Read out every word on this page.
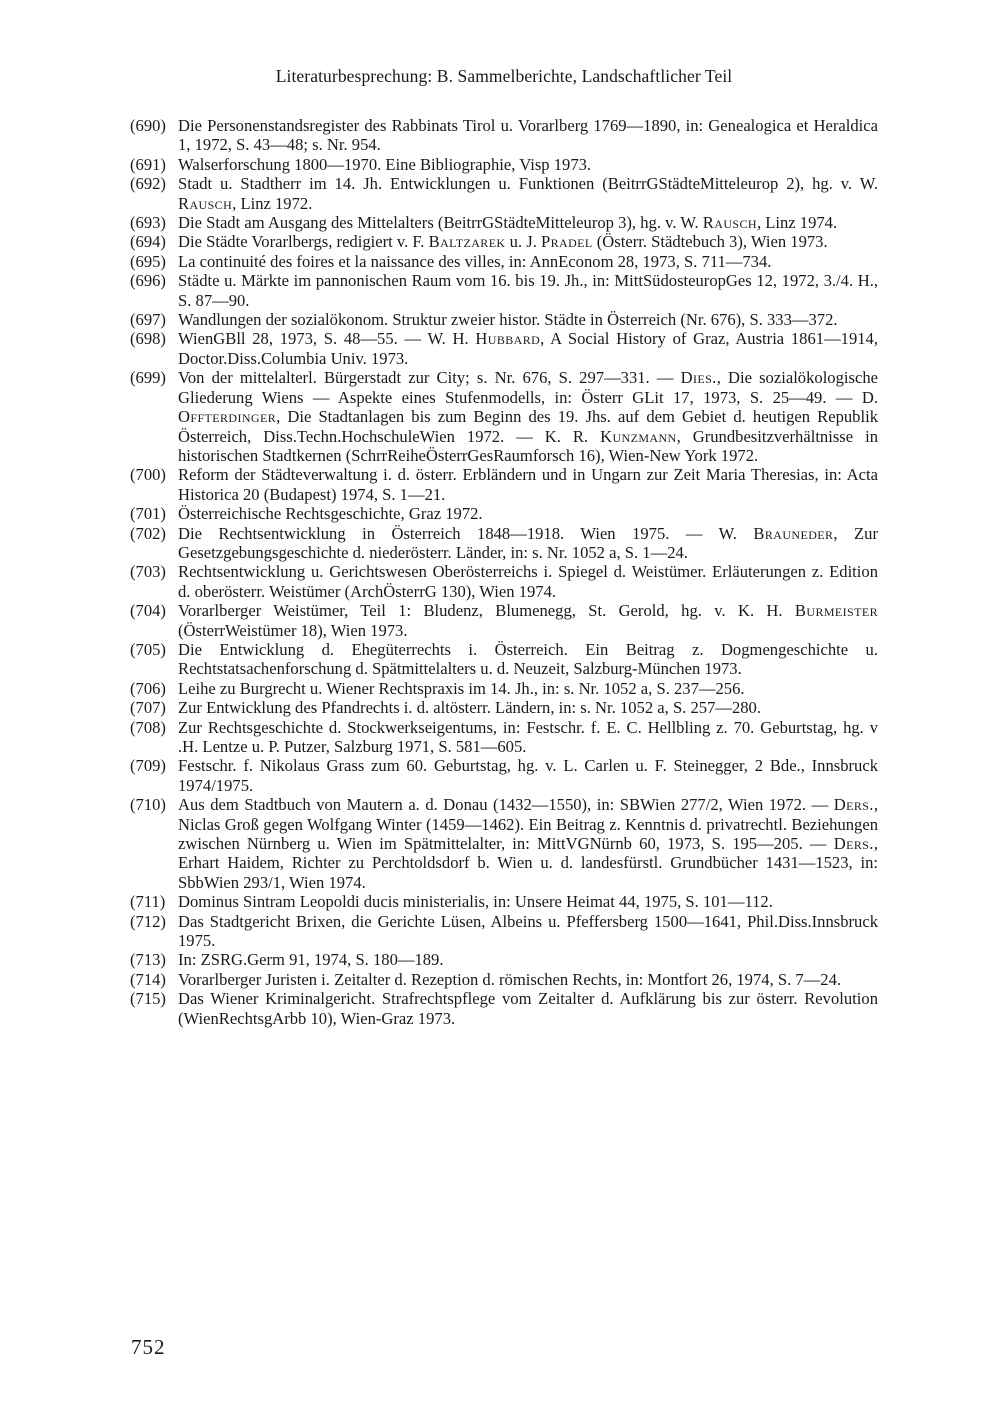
Literaturbesprechung: B. Sammelberichte, Landschaftlicher Teil
(690) Die Personenstandsregister des Rabbinats Tirol u. Vorarlberg 1769—1890, in: Genealogica et Heraldica 1, 1972, S. 43—48; s. Nr. 954.
(691) Walserforschung 1800—1970. Eine Bibliographie, Visp 1973.
(692) Stadt u. Stadtherr im 14. Jh. Entwicklungen u. Funktionen (BeitrrGStädteMitteleurop 2), hg. v. W. Rausch, Linz 1972.
(693) Die Stadt am Ausgang des Mittelalters (BeitrrGStädteMitteleurop 3), hg. v. W. Rausch, Linz 1974.
(694) Die Städte Vorarlbergs, redigiert v. F. Baltzarek u. J. Pradel (Österr. Städtebuch 3), Wien 1973.
(695) La continuité des foires et la naissance des villes, in: AnnEconom 28, 1973, S. 711—734.
(696) Städte u. Märkte im pannonischen Raum vom 16. bis 19. Jh., in: MittSüdosteuropGes 12, 1972, 3./4. H., S. 87—90.
(697) Wandlungen der sozialökonom. Struktur zweier histor. Städte in Österreich (Nr. 676), S. 333—372.
(698) WienGBll 28, 1973, S. 48—55. — W. H. Hubbard, A Social History of Graz, Austria 1861—1914, Doctor.Diss.Columbia Univ. 1973.
(699) Von der mittelalterl. Bürgerstadt zur City; s. Nr. 676, S. 297—331. — Dies., Die sozialökologische Gliederung Wiens — Aspekte eines Stufenmodells, in: Österr GLit 17, 1973, S. 25—49. — D. Offterdinger, Die Stadtanlagen bis zum Beginn des 19. Jhs. auf dem Gebiet d. heutigen Republik Österreich, Diss.Techn.HochschuleWien 1972. — K. R. Kunzmann, Grundbesitzverhältnisse in historischen Stadtkernen (SchrrReiheÖsterrGesRaumforsch 16), Wien-New York 1972.
(700) Reform der Städteverwaltung i. d. österr. Erbländern und in Ungarn zur Zeit Maria Theresias, in: Acta Historica 20 (Budapest) 1974, S. 1—21.
(701) Österreichische Rechtsgeschichte, Graz 1972.
(702) Die Rechtsentwicklung in Österreich 1848—1918. Wien 1975. — W. Brauneder, Zur Gesetzgebungsgeschichte d. niederösterr. Länder, in: s. Nr. 1052 a, S. 1—24.
(703) Rechtsentwicklung u. Gerichtswesen Oberösterreichs i. Spiegel d. Weistümer. Erläuterungen z. Edition d. oberösterr. Weistümer (ArchÖsterrG 130), Wien 1974.
(704) Vorarlberger Weistümer, Teil 1: Bludenz, Blumenegg, St. Gerold, hg. v. K. H. Burmeister (ÖsterrWeistümer 18), Wien 1973.
(705) Die Entwicklung d. Ehegüterrechts i. Österreich. Ein Beitrag z. Dogmengeschichte u. Rechtstatsachenforschung d. Spätmittelalters u. d. Neuzeit, Salzburg-München 1973.
(706) Leihe zu Burgrecht u. Wiener Rechtspraxis im 14. Jh., in: s. Nr. 1052 a, S. 237—256.
(707) Zur Entwicklung des Pfandrechts i. d. altösterr. Ländern, in: s. Nr. 1052 a, S. 257—280.
(708) Zur Rechtsgeschichte d. Stockwerkseigentums, in: Festschr. f. E. C. Hellbling z. 70. Geburtstag, hg. v .H. Lentze u. P. Putzer, Salzburg 1971, S. 581—605.
(709) Festschr. f. Nikolaus Grass zum 60. Geburtstag, hg. v. L. Carlen u. F. Steinegger, 2 Bde., Innsbruck 1974/1975.
(710) Aus dem Stadtbuch von Mautern a. d. Donau (1432—1550), in: SBWien 277/2, Wien 1972. — Ders., Niclas Groß gegen Wolfgang Winter (1459—1462). Ein Beitrag z. Kenntnis d. privatrechtl. Beziehungen zwischen Nürnberg u. Wien im Spätmittelalter, in: MittVGNürnb 60, 1973, S. 195—205. — Ders., Erhart Haidem, Richter zu Perchtoldsdorf b. Wien u. d. landesfürstl. Grundbücher 1431—1523, in: SbbWien 293/1, Wien 1974.
(711) Dominus Sintram Leopoldi ducis ministerialis, in: Unsere Heimat 44, 1975, S. 101—112.
(712) Das Stadtgericht Brixen, die Gerichte Lüsen, Albeins u. Pfeffersberg 1500—1641, Phil.Diss.Innsbruck 1975.
(713) In: ZSRG.Germ 91, 1974, S. 180—189.
(714) Vorarlberger Juristen i. Zeitalter d. Rezeption d. römischen Rechts, in: Montfort 26, 1974, S. 7—24.
(715) Das Wiener Kriminalgericht. Strafrechtspflege vom Zeitalter d. Aufklärung bis zur österr. Revolution (WienRechtsgArbb 10), Wien-Graz 1973.
752
